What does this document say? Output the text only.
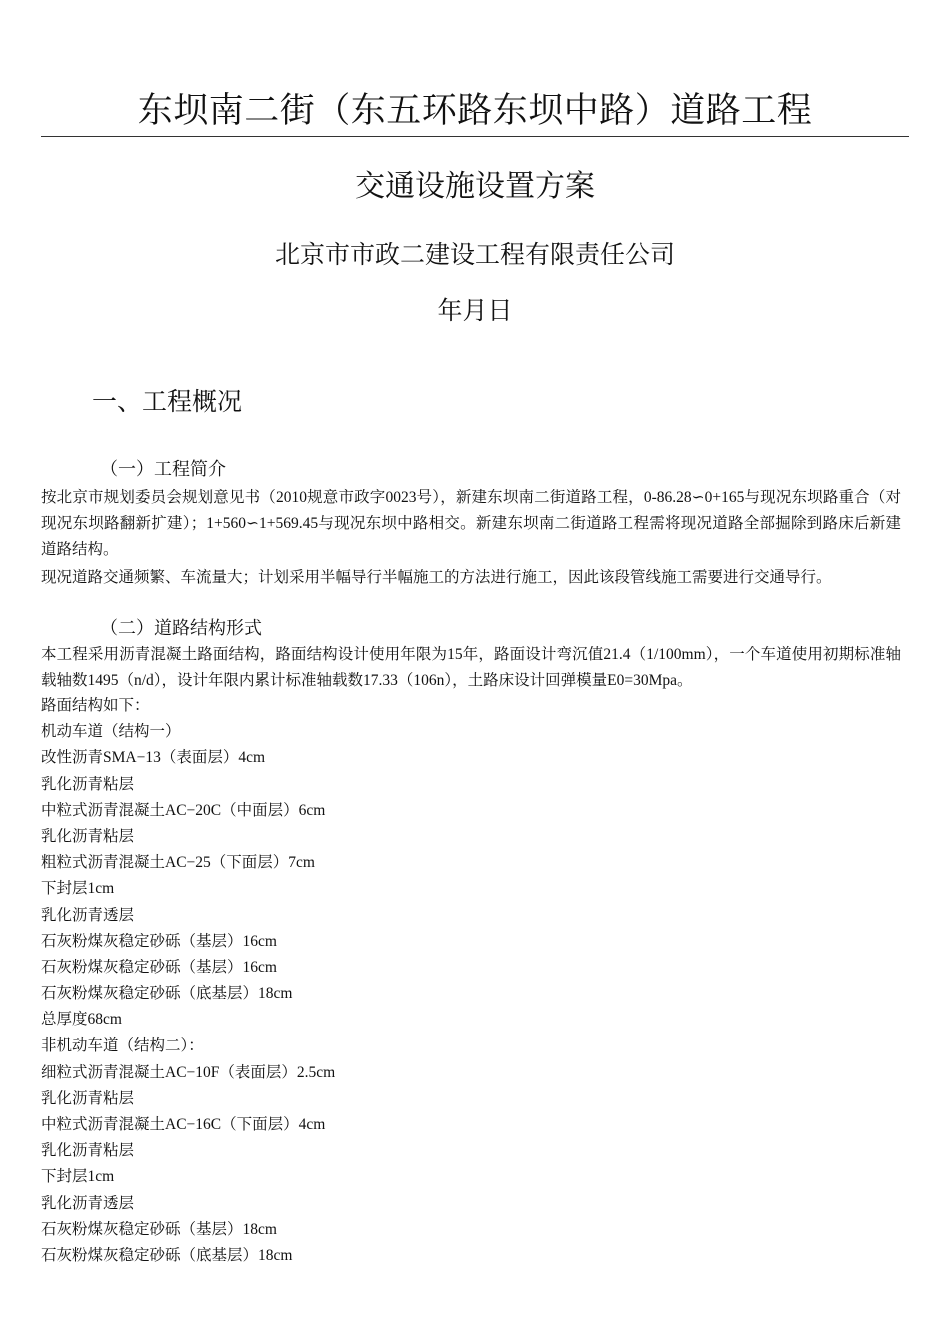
东坝南二街（东五环路东坝中路）道路工程
交通设施设置方案
北京市市政二建设工程有限责任公司
年月日
一、工程概况
（一）工程简介
按北京市规划委员会规划意见书（2010规意市政字0023号），新建东坝南二街道路工程，0-86.28∽0+165与现况东坝路重合（对现况东坝路翻新扩建）；1+560∽1+569.45与现况东坝中路相交。新建东坝南二街道路工程需将现况道路全部掘除到路床后新建道路结构。
现况道路交通频繁、车流量大；计划采用半幅导行半幅施工的方法进行施工，因此该段管线施工需要进行交通导行。
（二）道路结构形式
本工程采用沥青混凝土路面结构，路面结构设计使用年限为15年，路面设计弯沉值21.4（1/100mm），一个车道使用初期标准轴载轴数1495（n/d），设计年限内累计标准轴载数17.33（106n），土路床设计回弹模量E0=30Mpa。
路面结构如下：
机动车道（结构一）
改性沥青SMA−13（表面层）4cm
乳化沥青粘层
中粒式沥青混凝土AC−20C（中面层）6cm
乳化沥青粘层
粗粒式沥青混凝土AC−25（下面层）7cm
下封层1cm
乳化沥青透层
石灰粉煤灰稳定砂砾（基层）16cm
石灰粉煤灰稳定砂砾（基层）16cm
石灰粉煤灰稳定砂砾（底基层）18cm
总厚度68cm
非机动车道（结构二）：
细粒式沥青混凝土AC−10F（表面层）2.5cm
乳化沥青粘层
中粒式沥青混凝土AC−16C（下面层）4cm
乳化沥青粘层
下封层1cm
乳化沥青透层
石灰粉煤灰稳定砂砾（基层）18cm
石灰粉煤灰稳定砂砾（底基层）18cm
